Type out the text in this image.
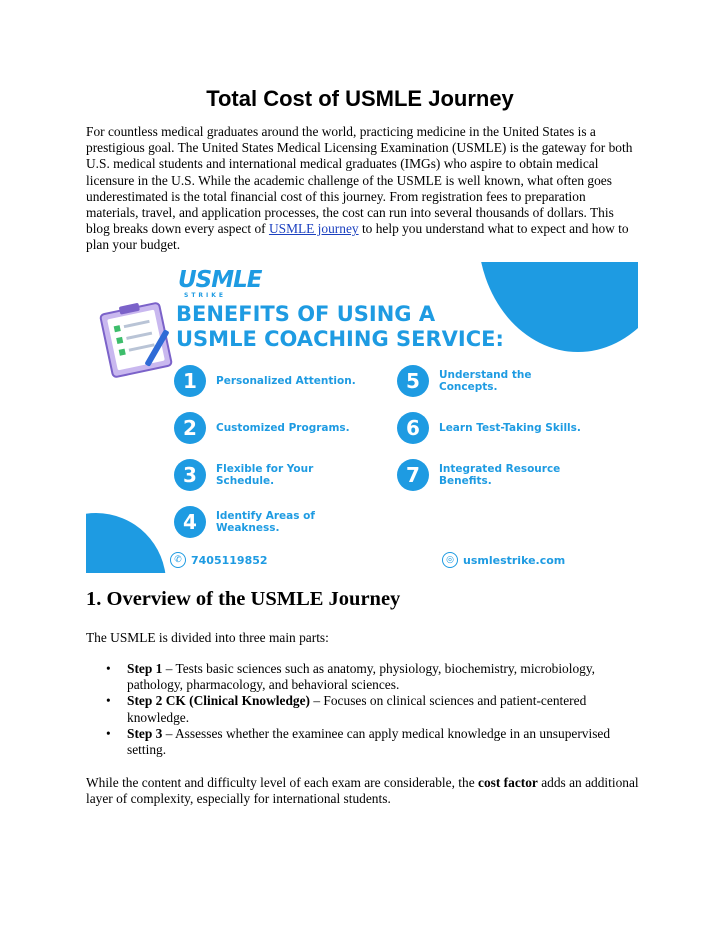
Total Cost of USMLE Journey

For countless medical graduates around the world, practicing medicine in the United States is a prestigious goal. The United States Medical Licensing Examination (USMLE) is the gateway for both U.S. medical students and international medical graduates (IMGs) who aspire to obtain medical licensure in the U.S. While the academic challenge of the USMLE is well known, what often goes underestimated is the total financial cost of this journey. From registration fees to preparation materials, travel, and application processes, the cost can run into several thousands of dollars. This blog breaks down every aspect of USMLE journey to help you understand what to expect and how to plan your budget.

USMLE
STRIKE
BENEFITS OF USING A
USMLE COACHING SERVICE:
1	Personalized Attention.
2	Customized Programs.
3	Flexible for Your Schedule.
4	Identify Areas of Weakness.
5	Understand the Concepts.
6	Learn Test-Taking Skills.
7	Integrated Resource Benefits.
✆ 7405119852	◎ usmlestrike.com
1. Overview of the USMLE Journey

The USMLE is divided into three main parts:

• Step 1 – Tests basic sciences such as anatomy, physiology, biochemistry, microbiology, pathology, pharmacology, and behavioral sciences.
• Step 2 CK (Clinical Knowledge) – Focuses on clinical sciences and patient-centered knowledge.
• Step 3 – Assesses whether the examinee can apply medical knowledge in an unsupervised setting.

While the content and difficulty level of each exam are considerable, the cost factor adds an additional layer of complexity, especially for international students.
